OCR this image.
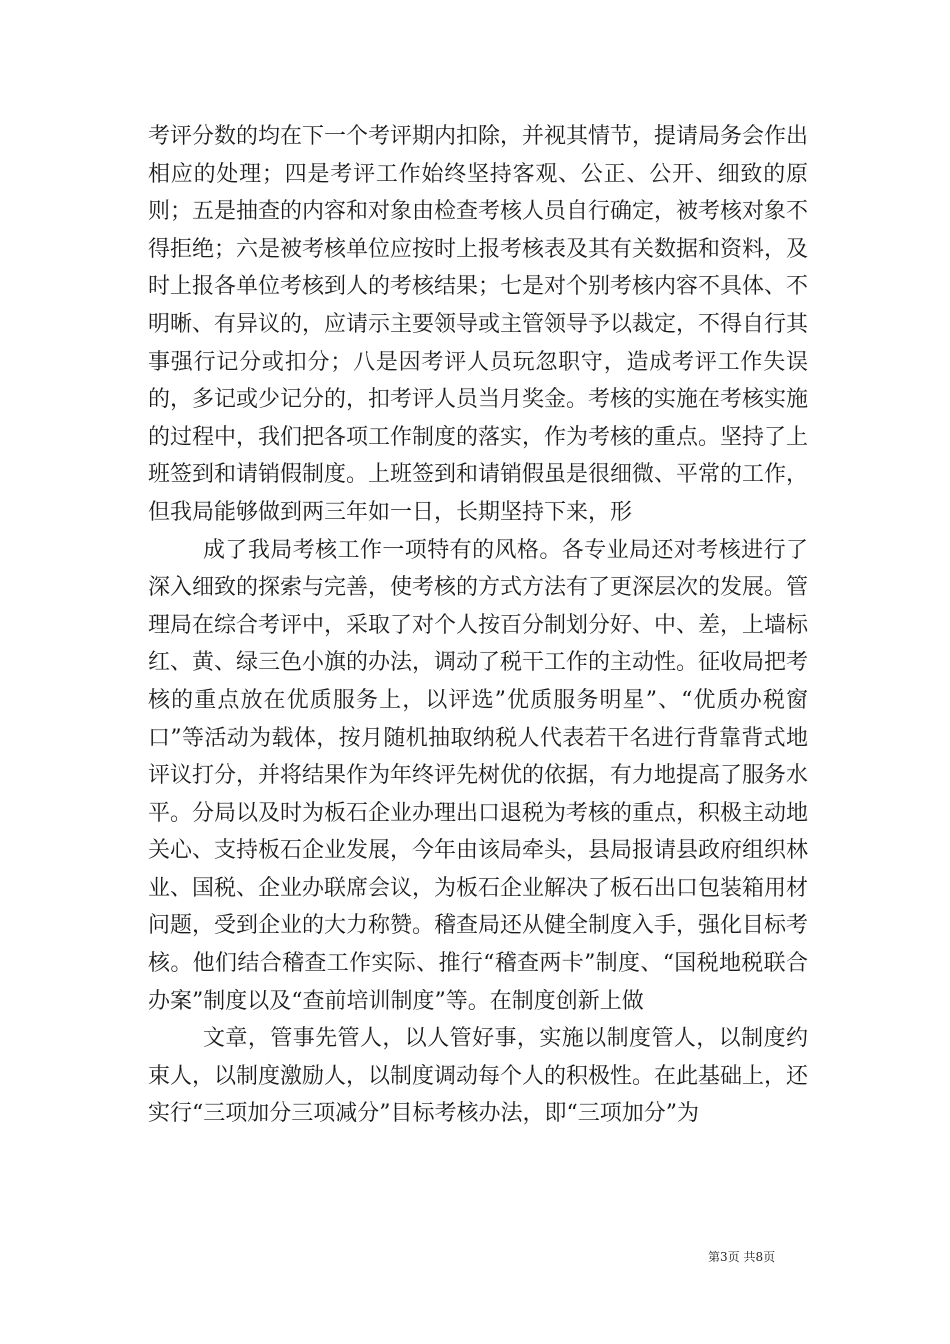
考评分数的均在下一个考评期内扣除，并视其情节，提请局务会作出相应的处理；四是考评工作始终坚持客观、公正、公开、细致的原则；五是抽查的内容和对象由检查考核人员自行确定，被考核对象不得拒绝；六是被考核单位应按时上报考核表及其有关数据和资料，及时上报各单位考核到人的考核结果；七是对个别考核内容不具体、不明晰、有异议的，应请示主要领导或主管领导予以裁定，不得自行其事强行记分或扣分；八是因考评人员玩忽职守，造成考评工作失误的，多记或少记分的，扣考评人员当月奖金。考核的实施在考核实施的过程中，我们把各项工作制度的落实，作为考核的重点。坚持了上班签到和请销假制度。上班签到和请销假虽是很细微、平常的工作，但我局能够做到两三年如一日，长期坚持下来，形

成了我局考核工作一项特有的风格。各专业局还对考核进行了深入细致的探索与完善，使考核的方式方法有了更深层次的发展。管理局在综合考评中，采取了对个人按百分制划分好、中、差，上墙标红、黄、绿三色小旗的办法，调动了税干工作的主动性。征收局把考核的重点放在优质服务上，以评选”优质服务明星”、“优质办税窗口”等活动为载体，按月随机抽取纳税人代表若干名进行背靠背式地评议打分，并将结果作为年终评先树优的依据，有力地提高了服务水平。分局以及时为板石企业办理出口退税为考核的重点，积极主动地关心、支持板石企业发展，今年由该局牵头，县局报请县政府组织林业、国税、企业办联席会议，为板石企业解决了板石出口包装箱用材问题，受到企业的大力称赞。稽查局还从健全制度入手，强化目标考核。他们结合稽查工作实际、推行“稽查两卡”制度、“国税地税联合办案”制度以及“查前培训制度”等。在制度创新上做

文章，管事先管人，以人管好事，实施以制度管人，以制度约束人，以制度激励人，以制度调动每个人的积极性。在此基础上，还实行“三项加分三项减分”目标考核办法，即“三项加分”为

第3页 共8页
